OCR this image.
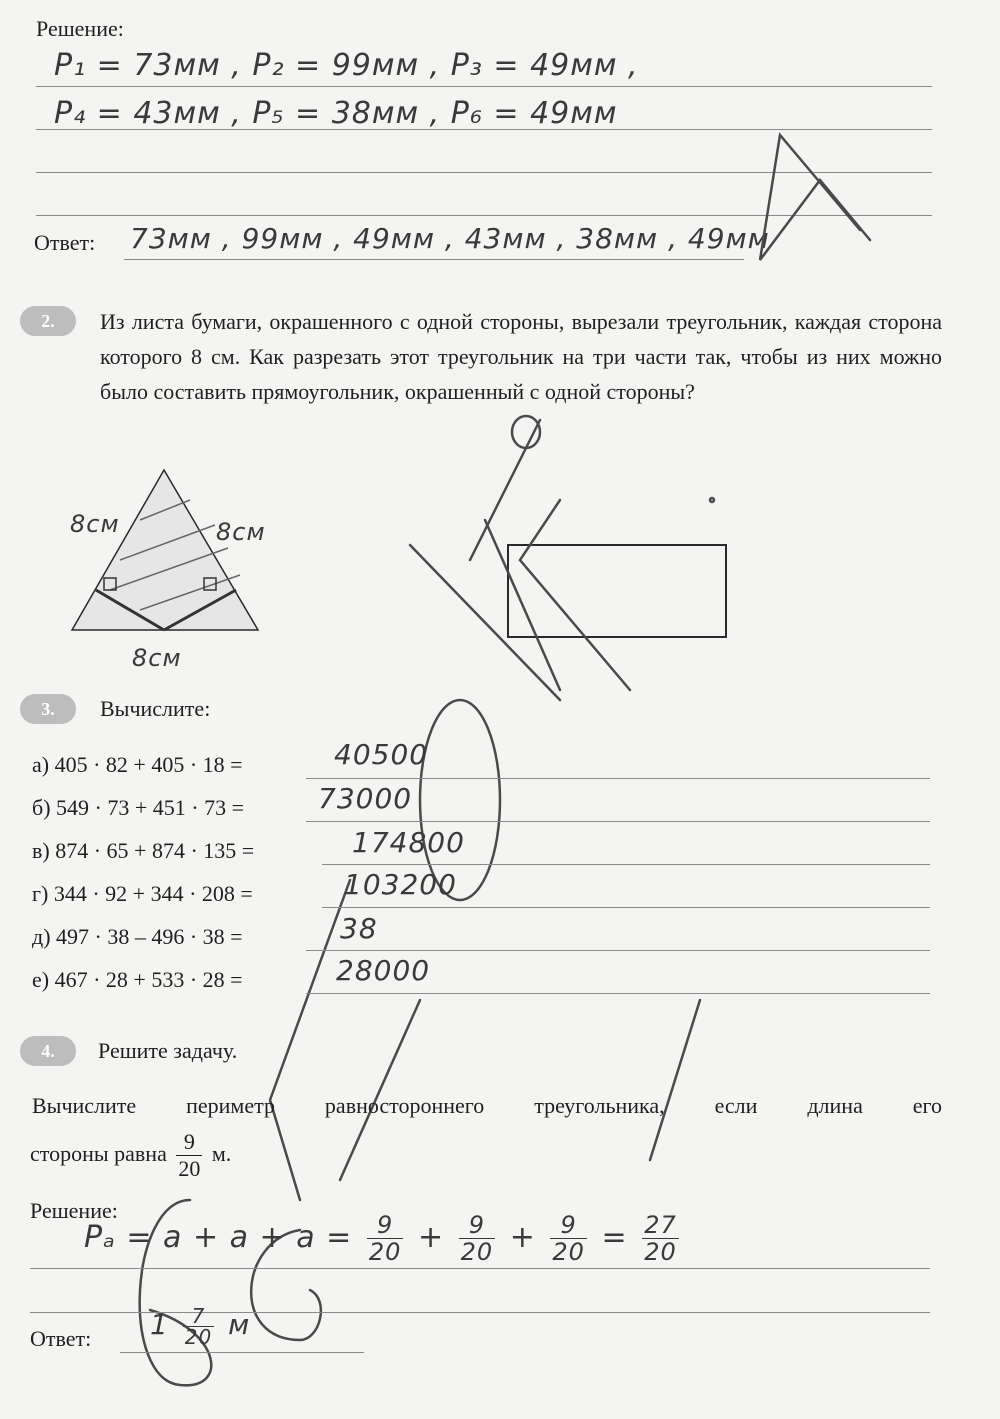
Решение:
P₁ = 73мм , P₂ = 99мм , P₃ = 49мм ,
P₄ = 43мм , P₅ = 38мм , P₆ = 49мм
Ответ: 73мм , 99мм , 49мм , 43мм , 38мм , 49мм
2.	Из листа бумаги, окрашенного с одной стороны, вырезали треугольник, каждая сторона которого 8 см. Как разрезать этот треугольник на три части так, чтобы из них можно было составить прямоугольник, окрашенный с одной стороны?
8см	8см
8см
3.	Вычислите:
а) 405 · 82 + 405 · 18 =	40500
б) 549 · 73 + 451 · 73 =	73000
в) 874 · 65 + 874 · 135 =	174800
г) 344 · 92 + 344 · 208 =	103200
д) 497 · 38 – 496 · 38 =	38
е) 467 · 28 + 533 · 28 =	28000
4.	Решите задачу.
Вычислите периметр равностороннего треугольника, если длина его
стороны равна $\frac{9}{20} м$.
Решение:
$P_a = a + a + a = \frac{9}{20} + \frac{9}{20} + \frac{9}{20} = \frac{27}{20}$
Ответ: $1 \frac{7}{20}$ м
